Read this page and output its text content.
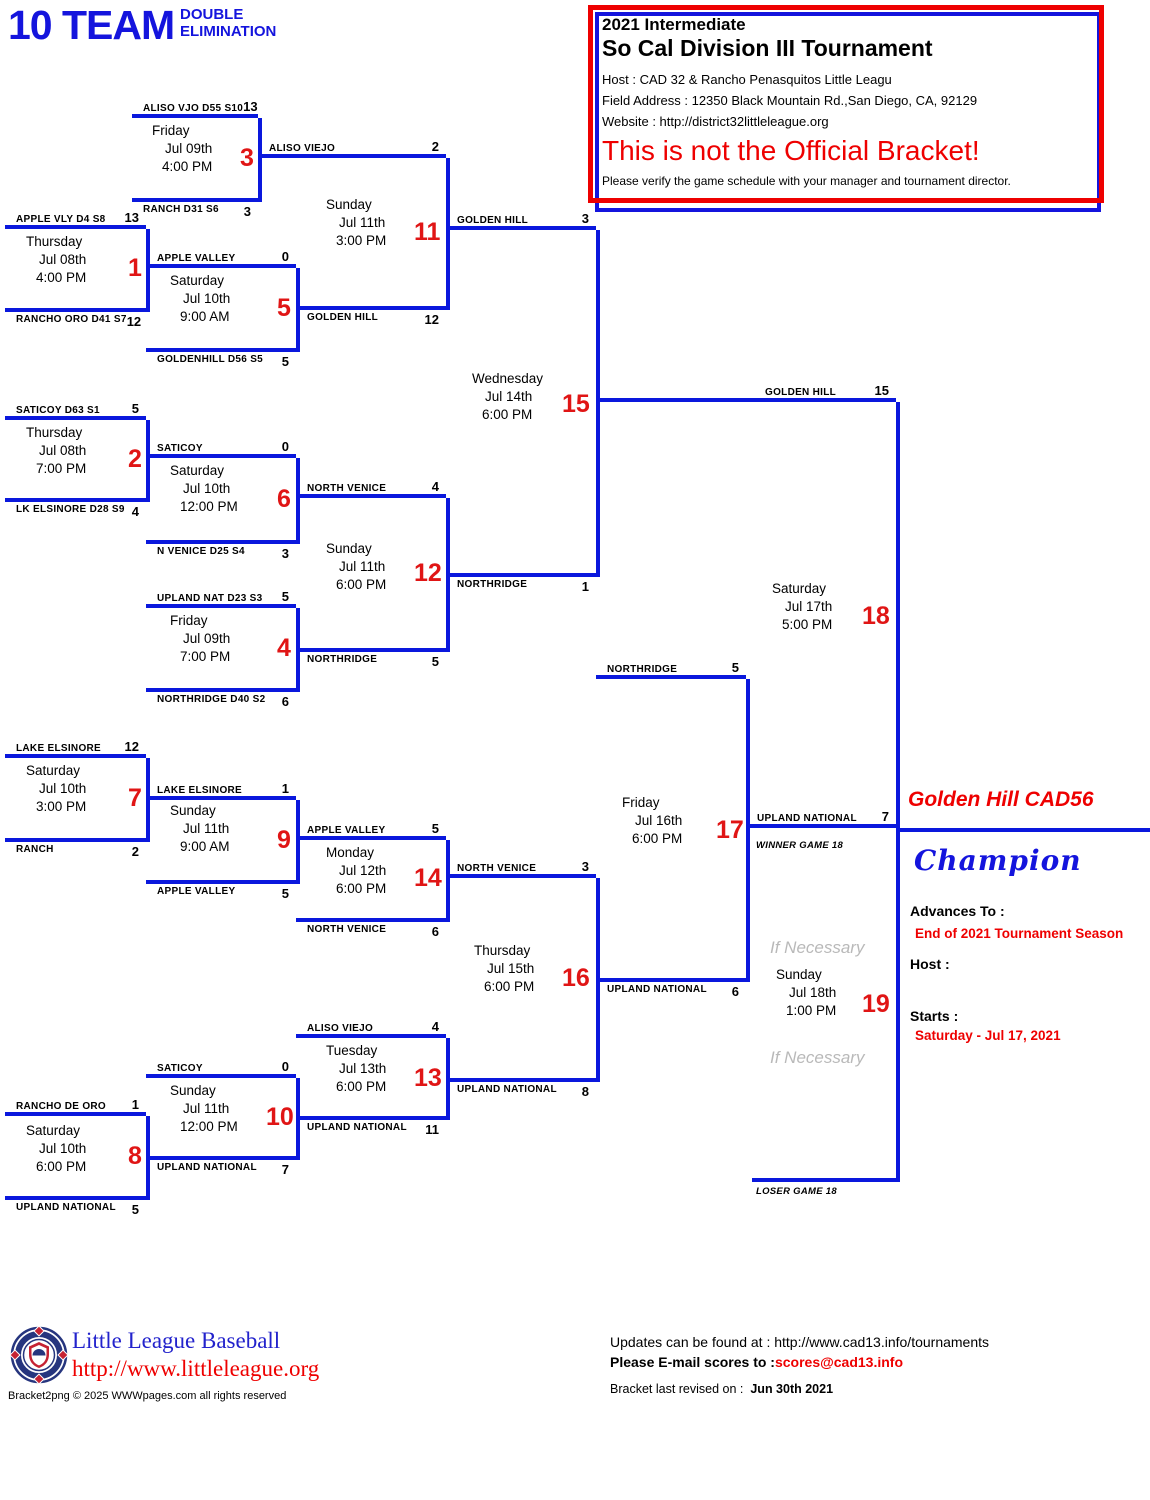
10 TEAM DOUBLE
ELIMINATION	2021 Intermediate
So Cal Division III Tournament
Host : CAD 32 & Rancho Penasquitos Little Leagu
Field Address : 12350 Black Mountain Rd.,San Diego, CA, 92129
Website : http://district32littleleague.org
This is not the Official Bracket!
Please verify the game schedule with your manager and tournament director.
ALISO VJO D55 S10 13
RANCH D31 S6 3
APPLE VLY D4 S8 13
RANCHO ORO D41 S7 12
APPLE VALLEY	0
GOLDENHILL D56 S5 5
ALISO VIEJO	2
GOLDEN HILL	12
GOLDEN HILL	3
SATICOY D63 S1 5
LK ELSINORE D28 S9 4
SATICOY	0
N VENICE D25 S4	3
NORTH VENICE	4
NORTHRIDGE	5
UPLAND NAT D23 S3 5
NORTHRIDGE D40 S2 6
NORTHRIDGE	1
GOLDEN HILL	15
LAKE ELSINORE 12
RANCH	2
LAKE ELSINORE	1
APPLE VALLEY	5
APPLE VALLEY	5
NORTH VENICE	6
NORTH VENICE	3
UPLAND NATIONAL 8
NORTHRIDGE	5
UPLAND NATIONAL 6
UPLAND NATIONAL 7
ALISO VIEJO	4
UPLAND NATIONAL 11
SATICOY	0
UPLAND NATIONAL 7
RANCHO DE ORO 1
UPLAND NATIONAL 5
Friday
Jul 09th
4:00 PM
Thursday
Jul 08th
4:00 PM	Saturday
Jul 10th
9:00 AM
Sunday
Jul 11th
3:00 PM
Wednesday
Jul 14th
6:00 PM
Thursday
Jul 08th
7:00 PM	Saturday
Jul 10th
12:00 PM
Sunday
Jul 11th
6:00 PM
Friday
Jul 09th
7:00 PM
Saturday
Jul 10th
3:00 PM	Sunday
Jul 11th
9:00 AM	Monday
Jul 12th
6:00 PM
Thursday
Jul 15th
6:00 PM
Tuesday
Jul 13th
6:00 PM
Sunday
Jul 11th
12:00 PM
Saturday
Jul 10th
6:00 PM
Friday
Jul 16th
6:00 PM
Saturday
Jul 17th
5:00 PM
Sunday
Jul 18th
1:00 PM
3
1
5
11
15
2
6
12
4
7
9
14
16
13
10
8
17
18
19
Golden Hill CAD56
WINNER GAME 18
LOSER GAME 18
If Necessary
If Necessary
Champion
Advances To :
End of 2021 Tournament Season
Host :
Starts :
Saturday - Jul 17, 2021
Little League Baseball
http://www.littleleague.org
Bracket2png © 2025 WWWpages.com all rights reserved
Updates can be found at : http://www.cad13.info/tournaments
Please E-mail scores to :scores@cad13.info
Bracket last revised on : Jun 30th 2021
